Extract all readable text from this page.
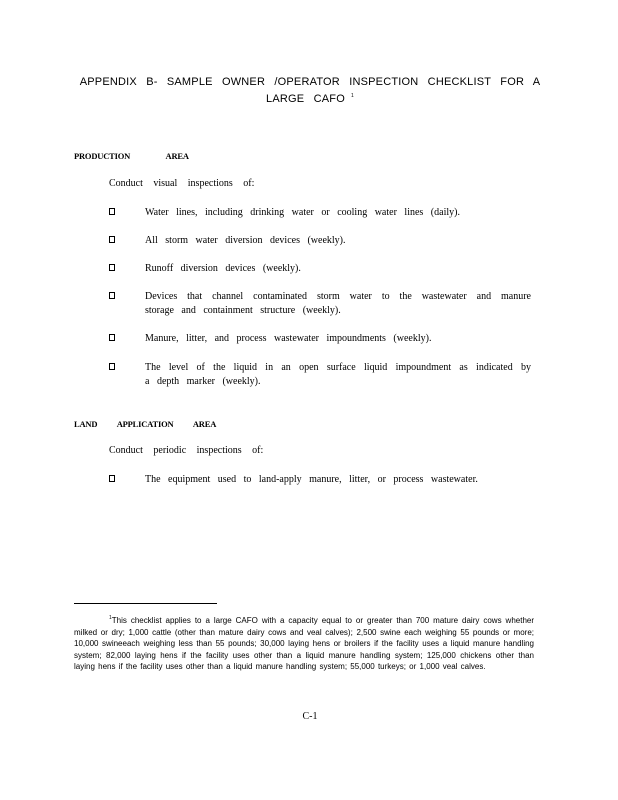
APPENDIX B- SAMPLE OWNER /OPERATOR INSPECTION CHECKLIST FOR A
LARGE CAFO $^1$
PRODUCTION AREA
Conduct visual inspections of:
Water lines, including drinking water or cooling water lines (daily).
All storm water diversion devices (weekly).
Runoff diversion devices (weekly).
Devices that channel contaminated storm water to the wastewater and manure storage and containment structure (weekly).
Manure, litter, and process wastewater impoundments (weekly).
The level of the liquid in an open surface liquid impoundment as indicated by a depth marker (weekly).
LAND APPLICATION AREA
Conduct periodic inspections of:
The equipment used to land-apply manure, litter, or process wastewater.
$^1$This checklist applies to a large CAFO with a capacity equal to or greater than 700 mature dairy cows whether milked or dry; 1,000 cattle (other than mature dairy cows and veal calves); 2,500 swine each weighing 55 pounds or more; 10,000 swineeach weighing less than 55 pounds; 30,000 laying hens or broilers if the facility uses a liquid manure handling system; 82,000 laying hens if the facility uses other than a liquid manure handling system; 125,000 chickens other than laying hens if the facility uses other than a liquid manure handling system; 55,000 turkeys; or 1,000 veal calves.
C-1
